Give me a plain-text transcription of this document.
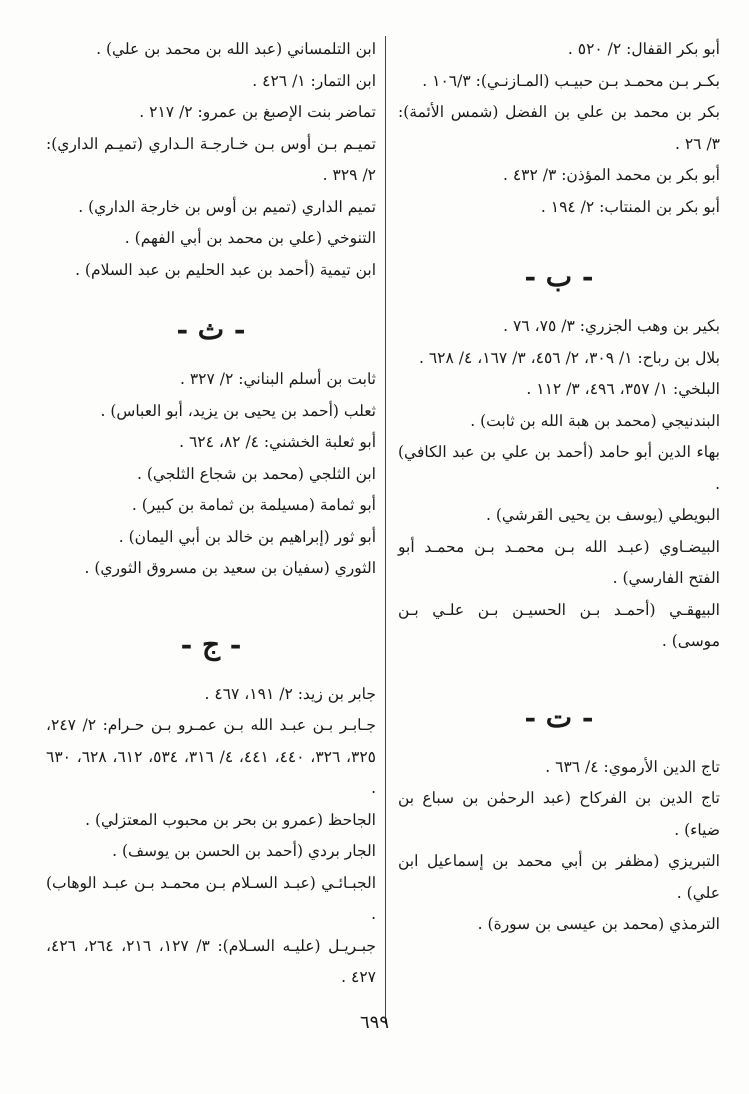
أبو بكر القفال: ٢/ ٥٢٠ .

بكـر بـن محمـد بـن حبيـب (المـازنـي): ١٠٦/٣ .

بكر بن محمد بن علي بن الفضل (شمس الأئمة): ٣/ ٢٦ .

أبو بكر بن محمد المؤذن: ٣/ ٤٣٢ .

أبو بكر بن المنتاب: ٢/ ١٩٤ .

- ب -

بكير بن وهب الجزري: ٣/ ٧٥، ٧٦ .

بلال بن رباح: ١/ ٣٠٩، ٢/ ٤٥٦، ٣/ ١٦٧، ٤/ ٦٢٨ .

البلخي: ١/ ٣٥٧، ٤٩٦، ٣/ ١١٢ .

البندنيجي (محمد بن هبة الله بن ثابت) .

بهاء الدين أبو حامد (أحمد بن علي بن عبد الكافي) .

البويطي (يوسف بن يحيى القرشي) .

البيضـاوي (عبـد الله بـن محمـد بـن محمـد أبو الفتح الفارسي) .

البيهقـي (أحمـد بـن الحسيـن بـن علـي بـن موسى) .

- ت -

تاج الدين الأرموي: ٤/ ٦٣٦ .

تاج الدين بن الفركاح (عبد الرحمٰن بن سباع بن ضياء) .

التبريزي (مظفر بن أبي محمد بن إسماعيل ابن علي) .

الترمذي (محمد بن عيسى بن سورة) .

ابن التلمساني (عبد الله بن محمد بن علي) .

ابن التمار: ١/ ٤٢٦ .

تماضر بنت الإصبغ بن عمرو: ٢/ ٢١٧ .

تميـم بـن أوس بـن خـارجـة الـداري (تميـم الداري): ٢/ ٣٢٩ .

تميم الداري (تميم بن أوس بن خارجة الداري) .

التنوخي (علي بن محمد بن أبي الفهم) .

ابن تيمية (أحمد بن عبد الحليم بن عبد السلام) .

- ث -

ثابت بن أسلم البناني: ٢/ ٣٢٧ .

ثعلب (أحمد بن يحيى بن يزيد، أبو العباس) .

أبو ثعلبة الخشني: ٤/ ٨٢، ٦٢٤ .

ابن الثلجي (محمد بن شجاع الثلجي) .

أبو ثمامة (مسيلمة بن ثمامة بن كبير) .

أبو ثور (إبراهيم بن خالد بن أبي اليمان) .

الثوري (سفيان بن سعيد بن مسروق الثوري) .

- ج -

جابر بن زيد: ٢/ ١٩١، ٤٦٧ .

جـابـر بـن عبـد الله بـن عمـرو بـن حـرام: ٢/ ٢٤٧، ٣٢٥، ٣٢٦، ٤٤٠، ٤٤١، ٤/ ٣١٦، ٥٣٤، ٦١٢، ٦٢٨، ٦٣٠ .

الجاحظ (عمرو بن بحر بن محبوب المعتزلي) .

الجار بردي (أحمد بن الحسن بن يوسف) .

الجبـائـي (عبـد السـلام بـن محمـد بـن عبـد الوهاب) .

جبـريـل (عليـه السـلام): ٣/ ١٢٧، ٢١٦، ٢٦٤، ٤٢٦، ٤٢٧ .

٦٩٩
